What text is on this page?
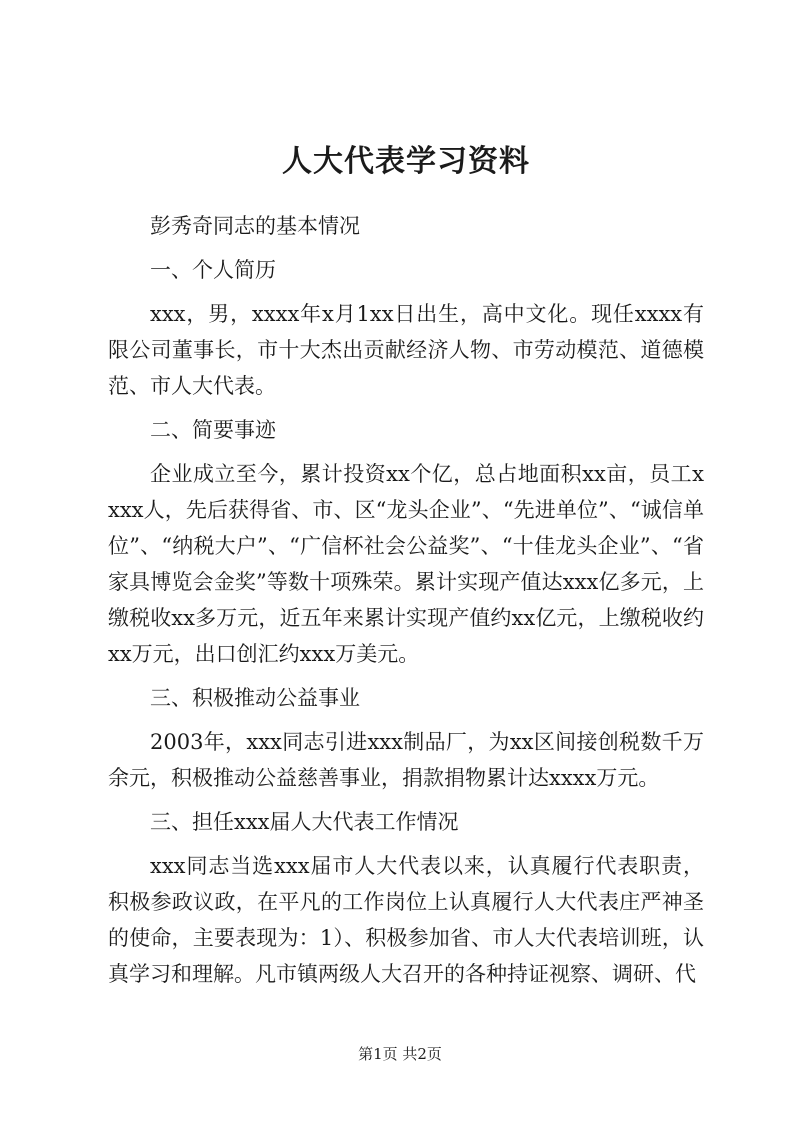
人大代表学习资料

彭秀奇同志的基本情况

一、个人简历

xxx，男，xxxx年x月1xx日出生，高中文化。现任xxxx有限公司董事长，市十大杰出贡献经济人物、市劳动模范、道德模范、市人大代表。

二、简要事迹

企业成立至今，累计投资xx个亿，总占地面积xx亩，员工xxxx人，先后获得省、市、区“龙头企业”、“先进单位”、“诚信单位”、“纳税大户”、“广信杯社会公益奖”、“十佳龙头企业”、“省家具博览会金奖”等数十项殊荣。累计实现产值达xxx亿多元，上缴税收xx多万元，近五年来累计实现产值约xx亿元，上缴税收约xx万元，出口创汇约xxx万美元。

三、积极推动公益事业

2003年，xxx同志引进xxx制品厂，为xx区间接创税数千万余元，积极推动公益慈善事业，捐款捐物累计达xxxx万元。

三、担任xxx届人大代表工作情况

xxx同志当选xxx届市人大代表以来，认真履行代表职责，积极参政议政，在平凡的工作岗位上认真履行人大代表庄严神圣的使命，主要表现为：1）、积极参加省、市人大代表培训班，认真学习和理解。凡市镇两级人大召开的各种持证视察、调研、代

第1页 共2页
